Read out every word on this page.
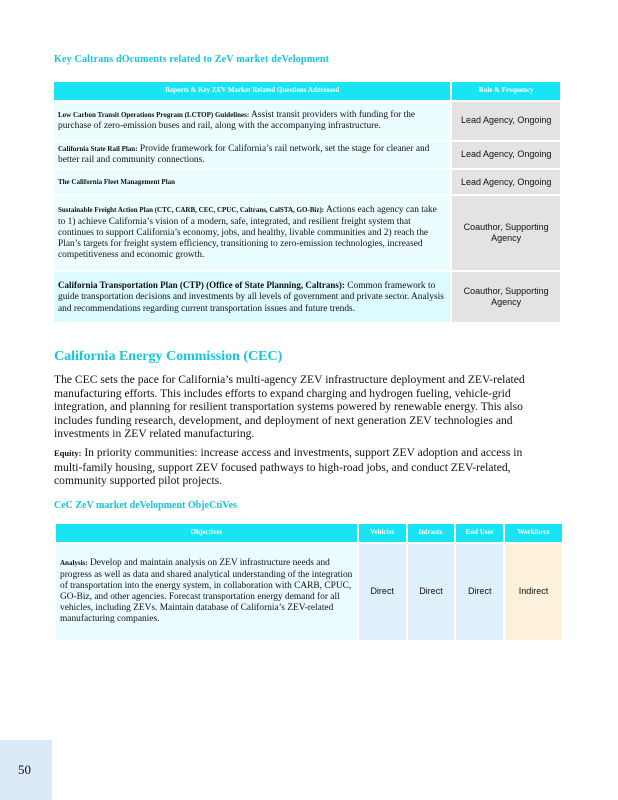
Key Caltrans dOcuments related to ZeV market deVelopment
Reports & Key ZEV Market Related Questions Addressed	Role & Frequency
Low Carbon Transit Operations Program (LCTOP) Guidelines: Assist transit providers with funding for the purchase of zero-emission buses and rail, along with the accompanying infrastructure.	Lead Agency, Ongoing
California State Rail Plan: Provide framework for California’s rail network, set the stage for cleaner and better rail and community connections.	Lead Agency, Ongoing
The California Fleet Management Plan	Lead Agency, Ongoing
Sustainable Freight Action Plan (CTC, CARB, CEC, CPUC, Caltrans, CalSTA, GO-Biz): Actions each agency can take to 1) achieve California’s vision of a modern, safe, integrated, and resilient freight system that continues to support California’s economy, jobs, and healthy, livable communities and 2) reach the Plan’s targets for freight system efficiency, transitioning to zero-emission technologies, increased competitiveness and economic growth.	Coauthor, Supporting Agency
California Transportation Plan (CTP) (Office of State Planning, Caltrans): Common framework to guide transportation decisions and investments by all levels of government and private sector. Analysis and recommendations regarding current transportation issues and future trends.	Coauthor, Supporting Agency
California Energy Commission (CEC)
The CEC sets the pace for California’s multi-agency ZEV infrastructure deployment and ZEV-related manufacturing efforts. This includes efforts to expand charging and hydrogen fueling, vehicle-grid integration, and planning for resilient transportation systems powered by renewable energy. This also includes funding research, development, and deployment of next generation ZEV technologies and investments in ZEV related manufacturing.
Equity: In priority communities: increase access and investments, support ZEV adoption and access in multi-family housing, support ZEV focused pathways to high-road jobs, and conduct ZEV-related, community supported pilot projects.
CeC ZeV market deVelopment ObjeCtiVes
Objectives	Vehicles	Infrastr.	End User	Workforce
Analysis: Develop and maintain analysis on ZEV infrastructure needs and progress as well as data and shared analytical understanding of the integration of transportation into the energy system, in collaboration with CARB, CPUC, GO-Biz, and other agencies. Forecast transportation energy demand for all vehicles, including ZEVs. Maintain database of California’s ZEV-related manufacturing companies.	Direct	Direct	Direct	Indirect
50
